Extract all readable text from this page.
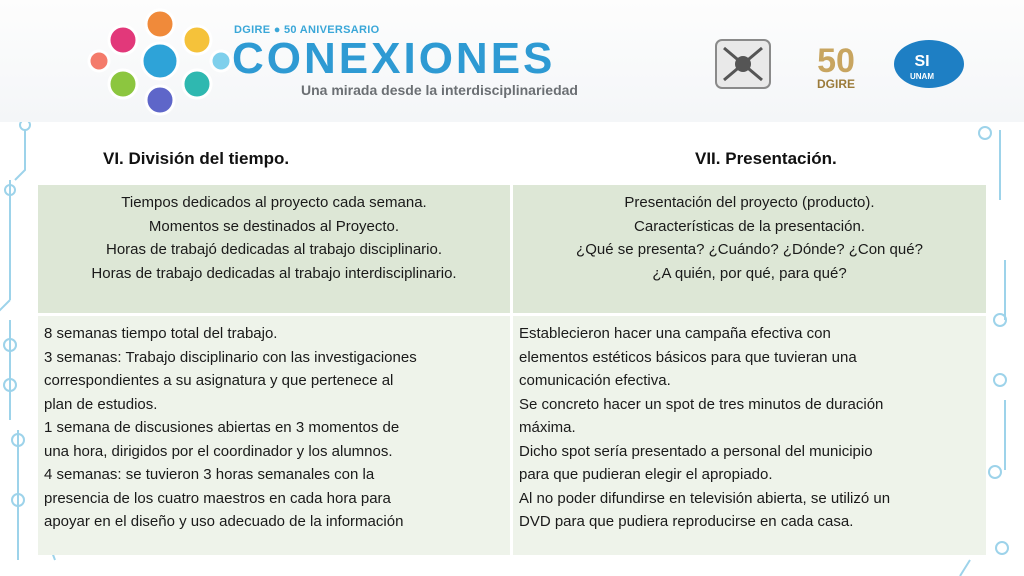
DGIRE ● 50 ANIVERSARIO
CONEXIONES
Una mirada desde la interdisciplinariedad
50
DGIRE
SI
UNAM
VI. División del tiempo.	VII. Presentación.
Tiempos dedicados al proyecto cada semana.
Momentos se destinados al Proyecto.
Horas de trabajó dedicadas al trabajo disciplinario.
Horas de trabajo dedicadas al trabajo interdisciplinario.
Presentación del proyecto (producto).
Características de la presentación.
¿Qué se presenta? ¿Cuándo? ¿Dónde? ¿Con qué?
¿A quién, por qué, para qué?
8 semanas tiempo total del trabajo.
3 semanas: Trabajo disciplinario con las investigaciones
correspondientes a su asignatura y que pertenece al
plan de estudios.
1 semana de discusiones abiertas en 3 momentos de
una hora, dirigidos por el coordinador y los alumnos.
4 semanas: se tuvieron 3 horas semanales con la
presencia de los cuatro maestros en cada hora para
apoyar en el diseño y uso adecuado de la información
Establecieron hacer una campaña efectiva con
elementos estéticos básicos para que tuvieran una
comunicación efectiva.
Se concreto hacer un spot de tres minutos de duración
máxima.
Dicho spot sería presentado a personal del municipio
para que pudieran elegir el apropiado.
Al no poder difundirse en televisión abierta, se utilizó un
DVD para que pudiera reproducirse en cada casa.
